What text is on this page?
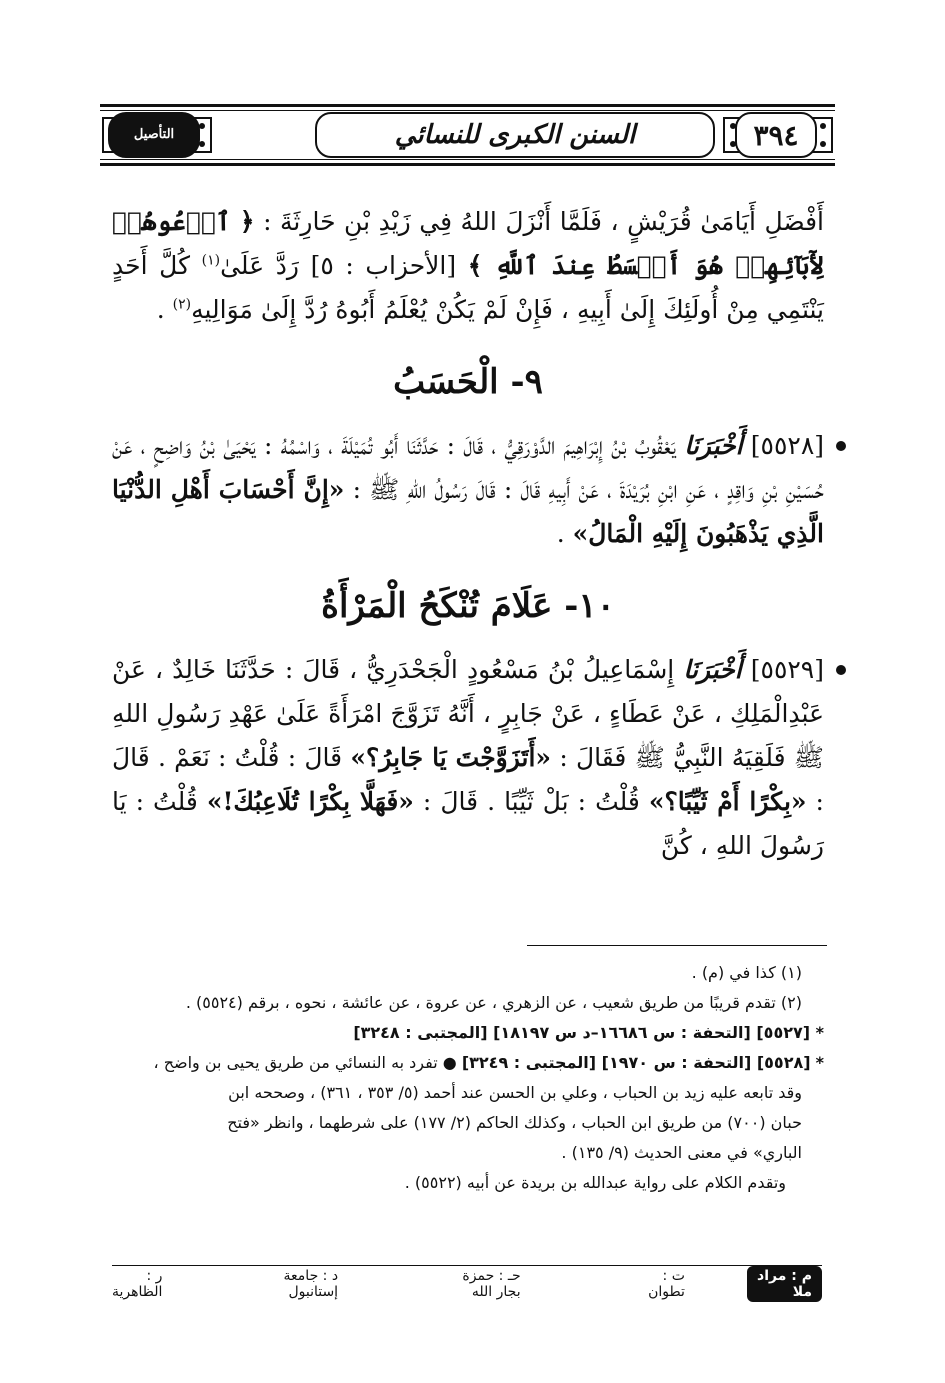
٣٩٤
السنن الكبرى للنسائي
التأصيل

أَفْضَلِ أَيَامَىٰ قُرَيْشٍ ، فَلَمَّا أَنْزَلَ اللهُ فِي زَيْدِ بْنِ حَارِثَةَ : ﴿ ٱدۡعُوهُمۡ لِأٓبَآئِهِمۡ هُوَ أَقۡسَطُ عِندَ ٱللَّهِ ﴾ [الأحزاب : ٥] رَدَّ عَلَىٰ$^{(١)}$ كُلَّ أَحَدٍ يَنْتَمِي مِنْ أُولَئِكَ إِلَىٰ أَبِيهِ ، فَإِنْ لَمْ يَكُنْ يُعْلَمُ أَبُوهُ رُدَّ إِلَىٰ مَوَالِيهِ$^{(٢)}$ .

٩- الْحَسَبُ

[٥٥٢٨] أَخْبَرَنَا يَعْقُوبُ بْنُ إِبْرَاهِيمَ الدَّوْرَقِيُّ ، قَالَ : حَدَّثَنَا أَبُو تُمَيْلَةَ ، وَاسْمُهُ : يَحْيَىٰ بْنُ وَاضِحٍ ، عَنْ حُسَيْنِ بْنِ وَاقِدٍ ، عَنِ ابْنِ بُرَيْدَةَ ، عَنْ أَبِيهِ قَالَ : قَالَ رَسُولُ اللهِ ﷺ : «إِنَّ أَحْسَابَ أَهْلِ الدُّنْيَا الَّذِي يَذْهَبُونَ إِلَيْهِ الْمَالُ» .

١٠- عَلَامَ تُنْكَحُ الْمَرْأَةُ

[٥٥٢٩] أَخْبَرَنَا إِسْمَاعِيلُ بْنُ مَسْعُودٍ الْجَحْدَرِيُّ ، قَالَ : حَدَّثَنَا خَالِدٌ ، عَنْ عَبْدِالْمَلِكِ ، عَنْ عَطَاءٍ ، عَنْ جَابِرٍ ، أَنَّهُ تَزَوَّجَ امْرَأَةً عَلَىٰ عَهْدِ رَسُولِ اللهِ ﷺ فَلَقِيَهُ النَّبِيُّ ﷺ فَقَالَ : «أَتَزَوَّجْتَ يَا جَابِرُ؟» قَالَ : قُلْتُ : نَعَمْ . قَالَ : «بِكْرًا أَمْ ثَيِّبًا؟» قُلْتُ : بَلْ ثَيِّبًا . قَالَ : «فَهَلَّا بِكْرًا تُلَاعِبُكَ!» قُلْتُ : يَا رَسُولَ اللهِ ، كُنَّ

(١) كذا في (م) .

(٢) تقدم قريبًا من طريق شعيب ، عن الزهري ، عن عروة ، عن عائشة ، نحوه ، برقم (٥٥٢٤) .

* [٥٥٢٧] [التحفة : س ١٦٦٨٦–د س ١٨١٩٧] [المجتبى : ٣٢٤٨]

* [٥٥٢٨] [التحفة : س ١٩٧٠] [المجتبى : ٣٢٤٩] ● تفرد به النسائي من طريق يحيى بن واضح ،

وقد تابعه عليه زيد بن الحباب ، وعلي بن الحسن عند أحمد (٥/ ٣٥٣ ، ٣٦١) ، وصححه ابن

حبان (٧٠٠) من طريق ابن الحباب ، وكذلك الحاكم (٢/ ١٧٧) على شرطهما ، وانظر «فتح

الباري» في معنى الحديث (٩/ ١٣٥) .

وتقدم الكلام على رواية عبدالله بن بريدة عن أبيه (٥٥٢٢) .

م : مراد ملا
ت : تطوان
حـ : حمزة بجار الله
د : جامعة إستانبول
ر : الظاهرية
